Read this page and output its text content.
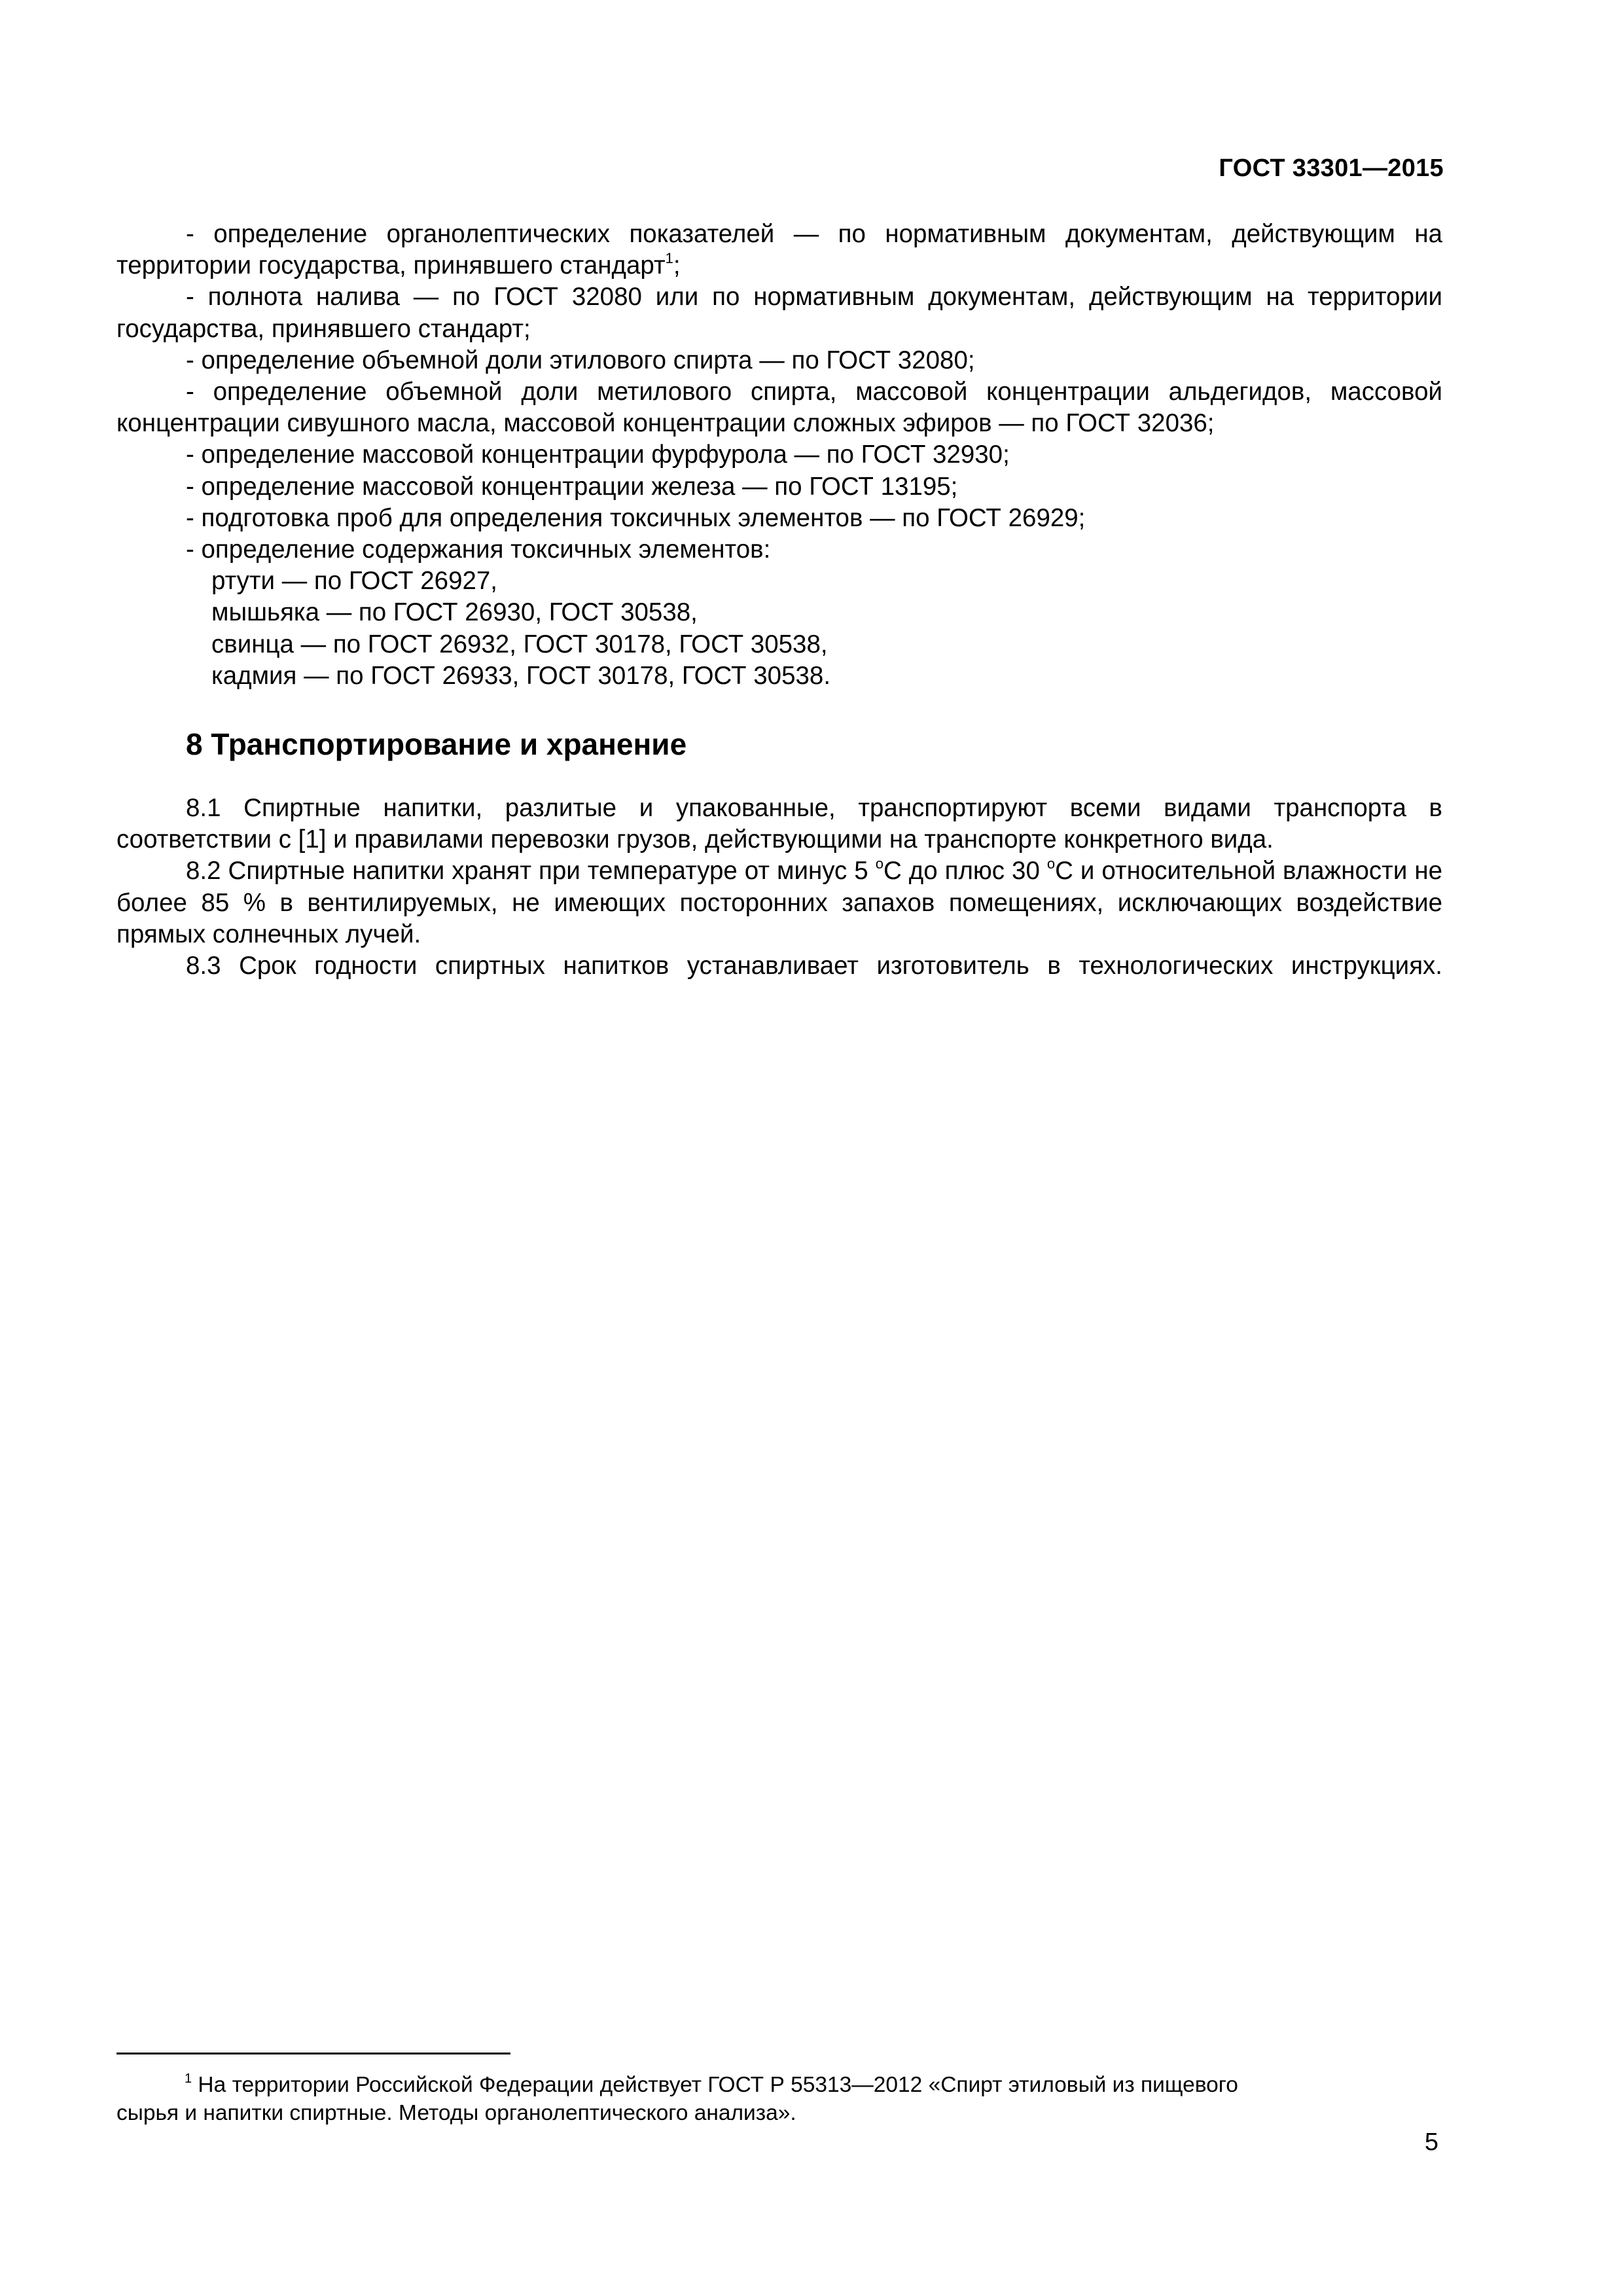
ГОСТ 33301—2015

- определение органолептических показателей — по нормативным документам, действующим на территории государства, принявшего стандарт$^1$;

- полнота налива — по ГОСТ 32080 или по нормативным документам, действующим на территории государства, принявшего стандарт;

- определение объемной доли этилового спирта — по ГОСТ 32080;

- определение объемной доли метилового спирта, массовой концентрации альдегидов, массовой концентрации сивушного масла, массовой концентрации сложных эфиров — по ГОСТ 32036;

- определение массовой концентрации фурфурола — по ГОСТ 32930;

- определение массовой концентрации железа — по ГОСТ 13195;

- подготовка проб для определения токсичных элементов — по ГОСТ 26929;

- определение содержания токсичных элементов:

ртути — по ГОСТ 26927,

мышьяка — по ГОСТ 26930, ГОСТ 30538,

свинца — по ГОСТ 26932, ГОСТ 30178, ГОСТ 30538,

кадмия — по ГОСТ 26933, ГОСТ 30178, ГОСТ 30538.

8 Транспортирование и хранение

8.1 Спиртные напитки, разлитые и упакованные, транспортируют всеми видами транспорта в соответствии с [1] и правилами перевозки грузов, действующими на транспорте конкретного вида.

8.2 Спиртные напитки хранят при температуре от минус 5 $^о$С до плюс 30 $^о$С и относительной влажности не более 85 % в вентилируемых, не имеющих посторонних запахов помещениях, исключающих воздействие прямых солнечных лучей.

8.3 Срок годности спиртных напитков устанавливает изготовитель в технологических инструкциях.

$^1$ На территории Российской Федерации действует ГОСТ Р 55313—2012 «Спирт этиловый из пищевого
сырья и напитки спиртные. Методы органолептического анализа».
5
